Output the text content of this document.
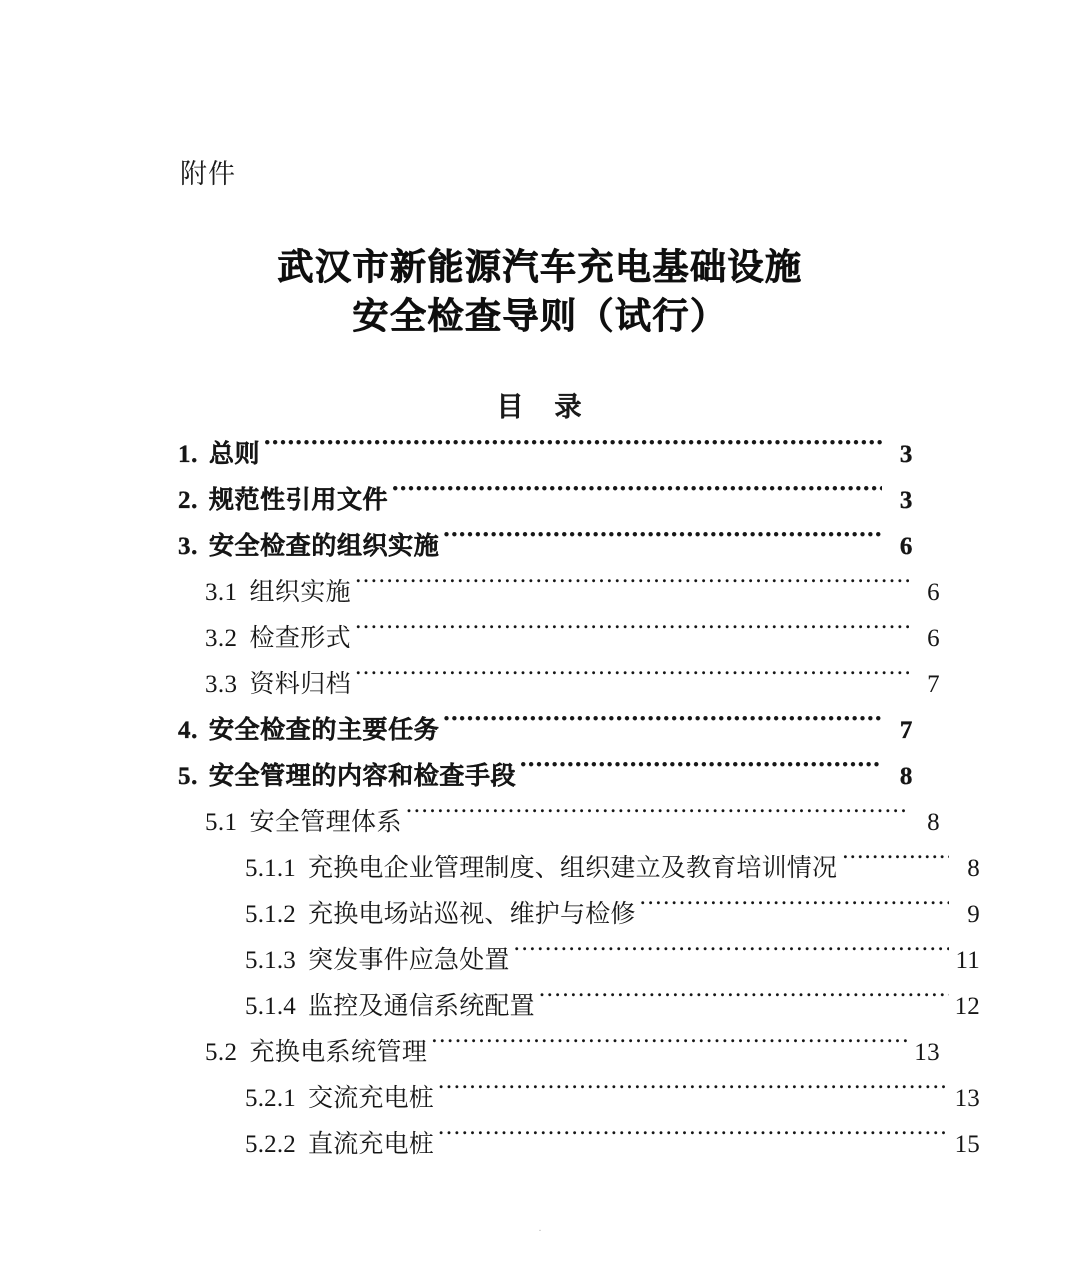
附件
武汉市新能源汽车充电基础设施
安全检查导则（试行）
目　录
1. 总则 .....	3
2. 规范性引用文件 .....	3
3. 安全检查的组织实施 .....	6
3.1 组织实施 .....	6
3.2 检查形式 .....	6
3.3 资料归档 .....	7
4. 安全检查的主要任务 .....	7
5. 安全管理的内容和检查手段 .....	8
5.1 安全管理体系 .....	8
5.1.1 充换电企业管理制度、组织建立及教育培训情况 .....	8
5.1.2 充换电场站巡视、维护与检修 .....	9
5.1.3 突发事件应急处置 .....	11
5.1.4 监控及通信系统配置 .....	12
5.2 充换电系统管理 .....	13
5.2.1 交流充电桩 .....	13
5.2.2 直流充电桩 .....	15
.
